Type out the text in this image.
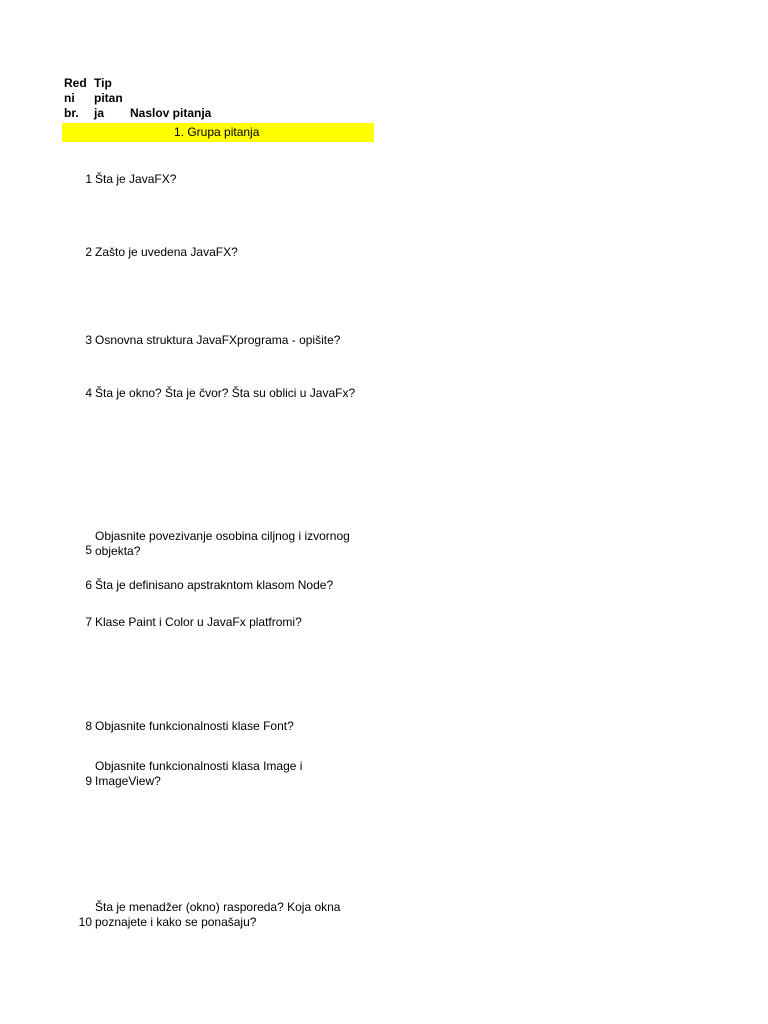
Red ni br.
Tip pitan ja	Naslov pitanja
1. Grupa pitanja
1 Šta je JavaFX?
2 Zašto je uvedena JavaFX?
3 Osnovna struktura JavaFXprograma - opišite?
4 Šta je okno? Šta je čvor? Šta su oblici u JavaFx?
5
Objasnite povezivanje osobina ciljnog i izvornog objekta?
6 Šta je definisano apstrakntom klasom Node?
7 Klase Paint i Color u JavaFx platfromi?
8 Objasnite funkcionalnosti klase Font?
9
Objasnite funkcionalnosti klasa Image i ImageView?
10
Šta je menadžer (okno) rasporeda? Koja okna poznajete i kako se ponašaju?
